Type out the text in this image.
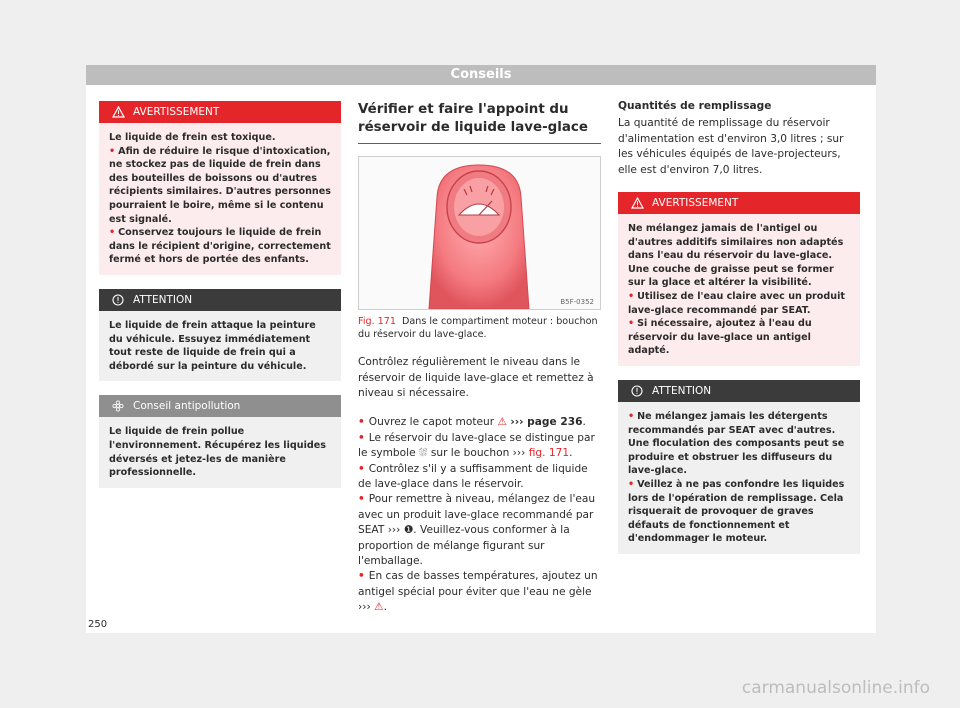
Conseils
AVERTISSEMENT

Le liquide de frein est toxique.

• Afin de réduire le risque d'intoxication, ne stockez pas de liquide de frein dans des bouteilles de boissons ou d'autres récipients similaires. D'autres personnes pourraient le boire, même si le contenu est signalé.

• Conservez toujours le liquide de frein dans le récipient d'origine, correctement fermé et hors de portée des enfants.

ATTENTION

Le liquide de frein attaque la peinture du véhicule. Essuyez immédiatement tout reste de liquide de frein qui a débordé sur la peinture du véhicule.

Conseil antipollution

Le liquide de frein pollue l'environnement. Récupérez les liquides déversés et jetez-les de manière professionnelle.

Vérifier et faire l'appoint du réservoir de liquide lave-glace
B5F-0352
Fig. 171 Dans le compartiment moteur : bouchon du réservoir du lave-glace.

Contrôlez régulièrement le niveau dans le réservoir de liquide lave-glace et remettez à niveau si nécessaire.

• Ouvrez le capot moteur ⚠ ››› page 236.

• Le réservoir du lave-glace se distingue par le symbole ⛆ sur le bouchon ››› fig. 171.

• Contrôlez s'il y a suffisamment de liquide de lave-glace dans le réservoir.

• Pour remettre à niveau, mélangez de l'eau avec un produit lave-glace recommandé par SEAT ››› ❶. Veuillez-vous conformer à la proportion de mélange figurant sur l'emballage.

• En cas de basses températures, ajoutez un antigel spécial pour éviter que l'eau ne gèle ››› ⚠.

Quantités de remplissage

La quantité de remplissage du réservoir d'alimentation est d'environ 3,0 litres ; sur les véhicules équipés de lave-projecteurs, elle est d'environ 7,0 litres.

AVERTISSEMENT

Ne mélangez jamais de l'antigel ou d'autres additifs similaires non adaptés dans l'eau du réservoir du lave-glace. Une couche de graisse peut se former sur la glace et altérer la visibilité.

• Utilisez de l'eau claire avec un produit lave-glace recommandé par SEAT.

• Si nécessaire, ajoutez à l'eau du réservoir du lave-glace un antigel adapté.

ATTENTION

• Ne mélangez jamais les détergents recommandés par SEAT avec d'autres. Une floculation des composants peut se produire et obstruer les diffuseurs du lave-glace.

• Veillez à ne pas confondre les liquides lors de l'opération de remplissage. Cela risquerait de provoquer de graves défauts de fonctionnement et d'endommager le moteur.

250
carmanualsonline.info
